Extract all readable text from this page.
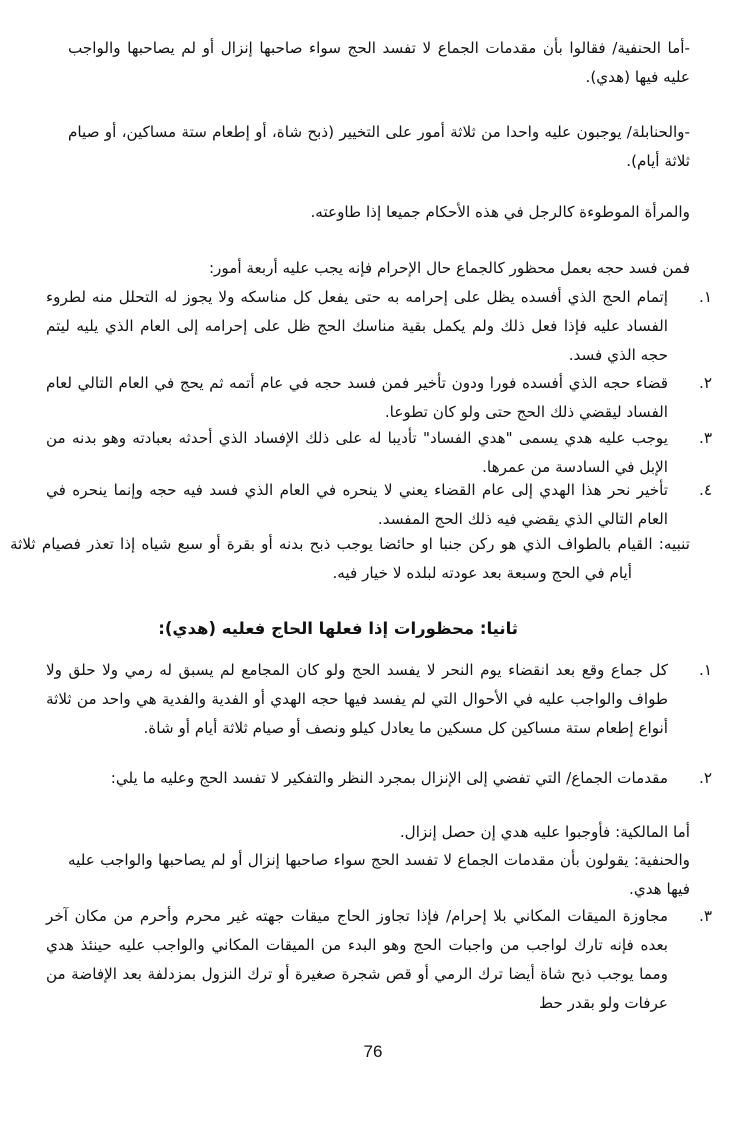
-أما الحنفية/ فقالوا بأن مقدمات الجماع لا تفسد الحج سواء صاحبها إنزال أو لم يصاحبها والواجب عليه فيها (هدي).

-والحنابلة/ يوجبون عليه واحدا من ثلاثة أمور على التخيير (ذبح شاة، أو إطعام ستة مساكين، أو صيام ثلاثة أيام).

والمرأة الموطوءة كالرجل في هذه الأحكام جميعا إذا طاوعته.

فمن فسد حجه بعمل محظور كالجماع حال الإحرام فإنه يجب عليه أربعة أمور:

١.إتمام الحج الذي أفسده يظل على إحرامه به حتى يفعل كل مناسكه ولا يجوز له التحلل منه لطروء الفساد عليه فإذا فعل ذلك ولم يكمل بقية مناسك الحج ظل على إحرامه إلى العام الذي يليه ليتم حجه الذي فسد.

٢.قضاء حجه الذي أفسده فورا ودون تأخير فمن فسد حجه في عام أتمه ثم يحج في العام التالي لعام الفساد ليقضي ذلك الحج حتى ولو كان تطوعا.

٣.يوجب عليه هدي يسمى "هدي الفساد" تأديبا له على ذلك الإفساد الذي أحدثه بعبادته وهو بدنه من الإبل في السادسة من عمرها.

٤.تأخير نحر هذا الهدي إلى عام القضاء يعني لا ينحره في العام الذي فسد فيه حجه وإنما ينحره في العام التالي الذي يقضي فيه ذلك الحج المفسد.

تنبيه: القيام بالطواف الذي هو ركن جنبا او حائضا يوجب ذبح بدنه أو بقرة أو سبع شياه إذا تعذر فصيام ثلاثة أيام في الحج وسبعة بعد عودته لبلده لا خيار فيه.

ثانيا: محظورات إذا فعلها الحاج فعليه (هدي):

١.كل جماع وقع بعد انقضاء يوم النحر لا يفسد الحج ولو كان المجامع لم يسبق له رمي ولا حلق ولا طواف والواجب عليه في الأحوال التي لم يفسد فيها حجه الهدي أو الفدية والفدية هي واحد من ثلاثة أنواع إطعام ستة مساكين كل مسكين ما يعادل كيلو ونصف أو صيام ثلاثة أيام أو شاة.

٢.مقدمات الجماع/ التي تفضي إلى الإنزال بمجرد النظر والتفكير لا تفسد الحج وعليه ما يلي:

أما المالكية: فأوجبوا عليه هدي إن حصل إنزال.

والحنفية: يقولون بأن مقدمات الجماع لا تفسد الحج سواء صاحبها إنزال أو لم يصاحبها والواجب عليه فيها هدي.

٣.مجاوزة الميقات المكاني بلا إحرام/ فإذا تجاوز الحاج ميقات جهته غير محرم وأحرم من مكان آخر بعده فإنه تارك لواجب من واجبات الحج وهو البدء من الميقات المكاني والواجب عليه حينئذ هدي ومما يوجب ذبح شاة أيضا ترك الرمي أو قص شجرة صغيرة أو ترك النزول بمزدلفة بعد الإفاضة من عرفات ولو بقدر حط

76
